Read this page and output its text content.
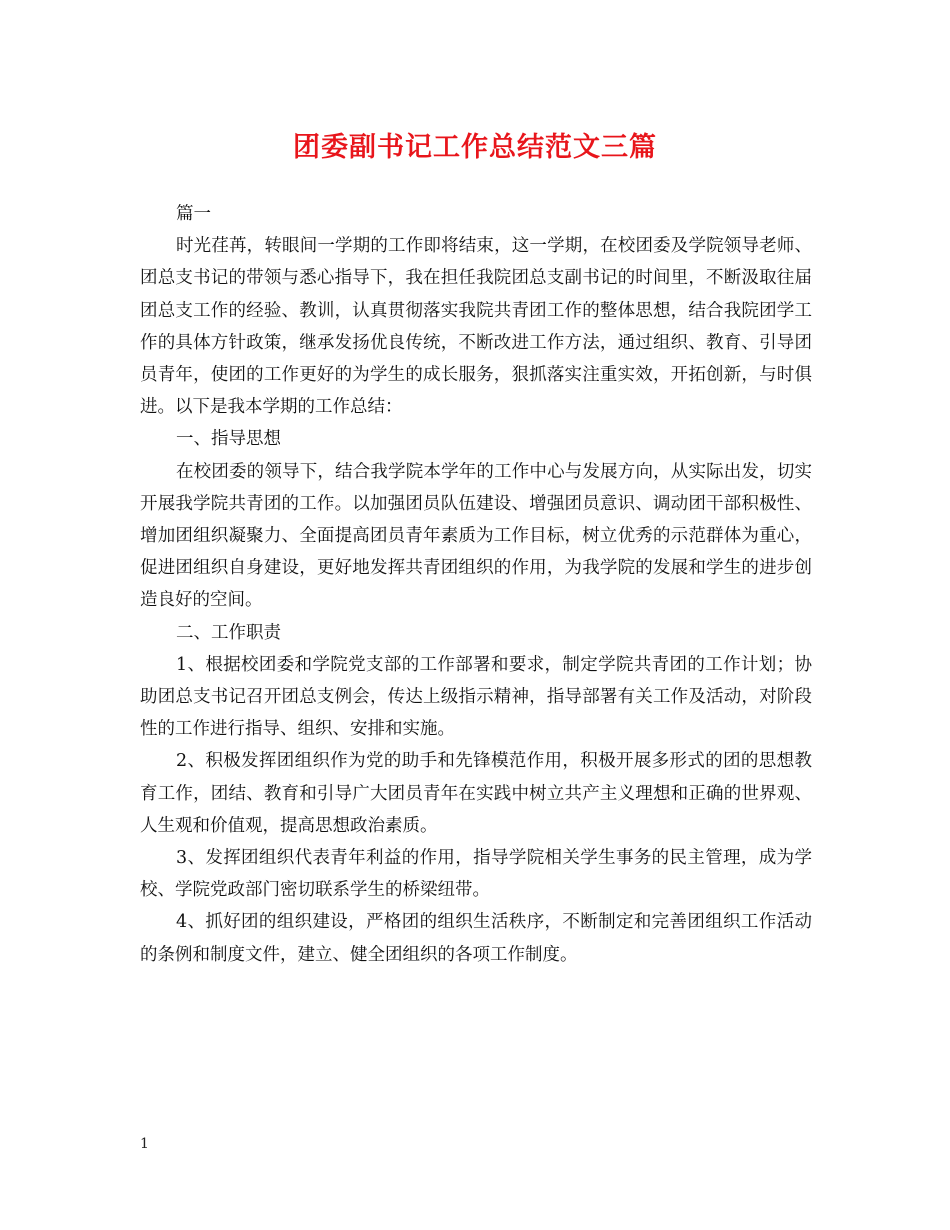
团委副书记工作总结范文三篇

篇一

时光荏苒，转眼间一学期的工作即将结束，这一学期，在校团委及学院领导老师、团总支书记的带领与悉心指导下，我在担任我院团总支副书记的时间里，不断汲取往届团总支工作的经验、教训，认真贯彻落实我院共青团工作的整体思想，结合我院团学工作的具体方针政策，继承发扬优良传统，不断改进工作方法，通过组织、教育、引导团员青年，使团的工作更好的为学生的成长服务，狠抓落实注重实效，开拓创新，与时俱进。以下是我本学期的工作总结：

一、指导思想

在校团委的领导下，结合我学院本学年的工作中心与发展方向，从实际出发，切实开展我学院共青团的工作。以加强团员队伍建设、增强团员意识、调动团干部积极性、增加团组织凝聚力、全面提高团员青年素质为工作目标，树立优秀的示范群体为重心，促进团组织自身建设，更好地发挥共青团组织的作用，为我学院的发展和学生的进步创造良好的空间。

二、工作职责

1、根据校团委和学院党支部的工作部署和要求，制定学院共青团的工作计划；协助团总支书记召开团总支例会，传达上级指示精神，指导部署有关工作及活动，对阶段性的工作进行指导、组织、安排和实施。

2、积极发挥团组织作为党的助手和先锋模范作用，积极开展多形式的团的思想教育工作，团结、教育和引导广大团员青年在实践中树立共产主义理想和正确的世界观、人生观和价值观，提高思想政治素质。

3、发挥团组织代表青年利益的作用，指导学院相关学生事务的民主管理，成为学校、学院党政部门密切联系学生的桥梁纽带。

4、抓好团的组织建设，严格团的组织生活秩序，不断制定和完善团组织工作活动的条例和制度文件，建立、健全团组织的各项工作制度。

1
